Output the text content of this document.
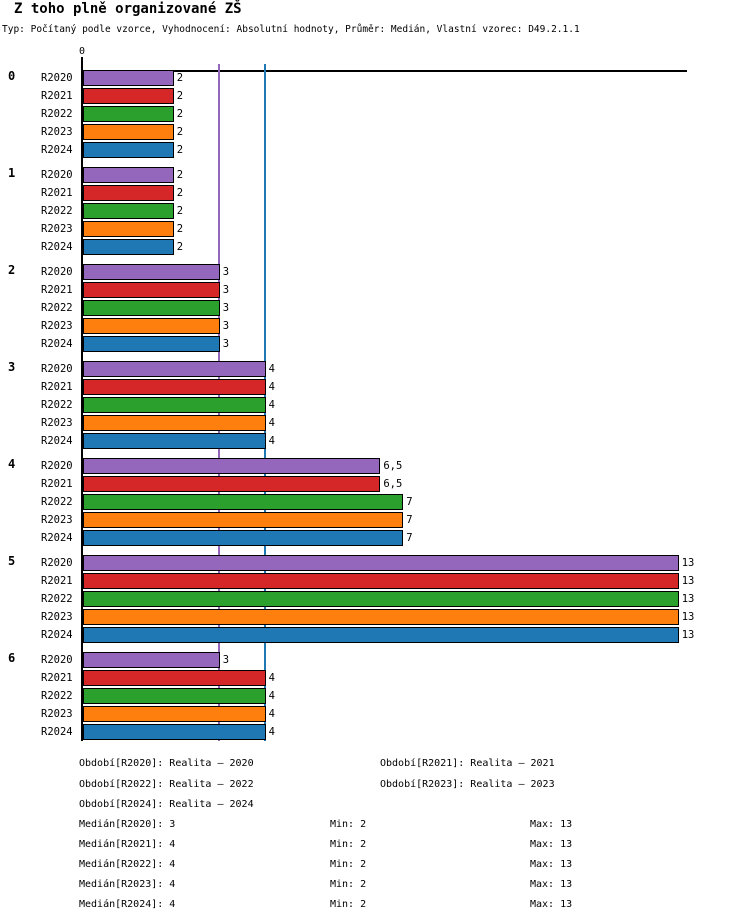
Z toho plně organizované ZŠ
Typ: Počítaný podle vzorce, Vyhodnocení: Absolutní hodnoty, Průměr: Medián, Vlastní vzorec: D49.2.1.1
0
0 R2020	2
R2021	2
R2022	2
R2023	2
R2024	2
1 R2020	2
R2021	2
R2022	2
R2023	2
R2024	2
2 R2020	3
R2021	3
R2022	3
R2023	3
R2024	3
3 R2020	4
R2021	4
R2022	4
R2023	4
R2024	4
4 R2020	6,5
R2021	6,5
R2022	7
R2023	7
R2024	7
5 R2020	13
R2021	13
R2022	13
R2023	13
R2024	13
6 R2020	3
R2021	4
R2022	4
R2023	4
R2024	4
Období[R2020]: Realita – 2020	Období[R2021]: Realita – 2021
Období[R2022]: Realita – 2022	Období[R2023]: Realita – 2023
Období[R2024]: Realita – 2024
Medián[R2020]: 3	Min: 2	Max: 13
Medián[R2021]: 4	Min: 2	Max: 13
Medián[R2022]: 4	Min: 2	Max: 13
Medián[R2023]: 4	Min: 2	Max: 13
Medián[R2024]: 4	Min: 2	Max: 13
